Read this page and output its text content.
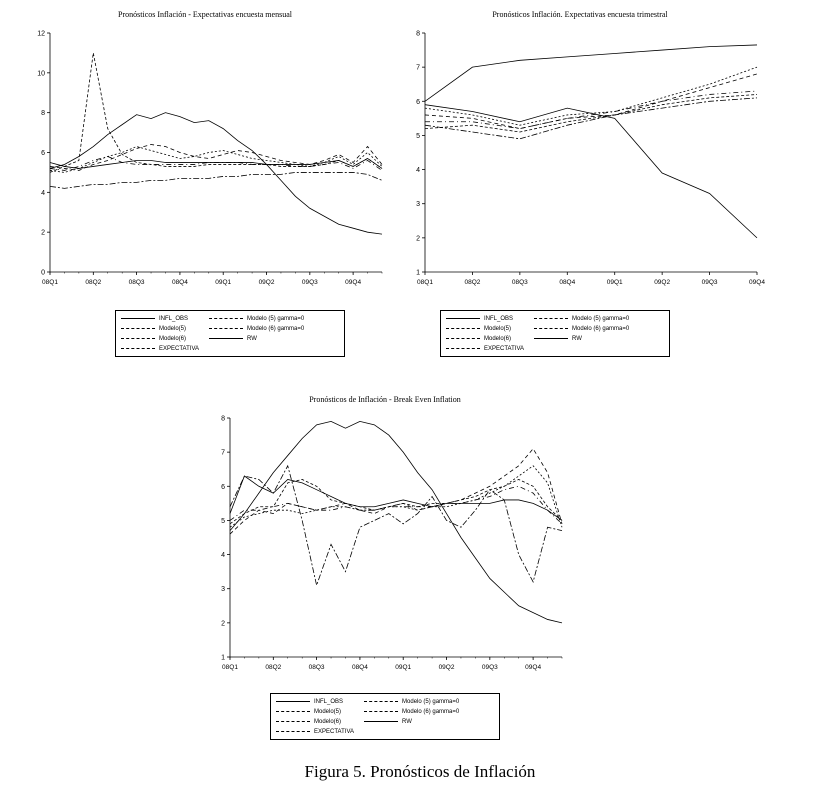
Pronósticos Inflación - Expectativas encuesta mensual
0
2
4
6
8
10
12
08Q1	08Q2	08Q3	08Q4	09Q1	09Q2	09Q3	09Q4
INFL_OBS
Modelo(5)
Modelo(6)
EXPECTATIVA
Modelo (5) gamma=0
Modelo (6) gamma=0
RW
Pronósticos Inflación. Expectativas encuesta trimestral
1
2
3
4
5
6
7
8
08Q1	08Q2	08Q3	08Q4	09Q1	09Q2	09Q3	09Q4
INFL_OBS
Modelo(5)
Modelo(6)
EXPECTATIVA
Modelo (5) gamma=0
Modelo (6) gamma=0
RW
Pronósticos de Inflación - Break Even Inflation
1
2
3
4
5
6
7
8
08Q1	08Q2	08Q3	08Q4	09Q1	09Q2	09Q3	09Q4
INFL_OBS
Modelo(5)
Modelo(6)
EXPECTATIVA
Modelo (5) gamma=0
Modelo (6) gamma=0
RW
Figura 5. Pronósticos de Inflación
